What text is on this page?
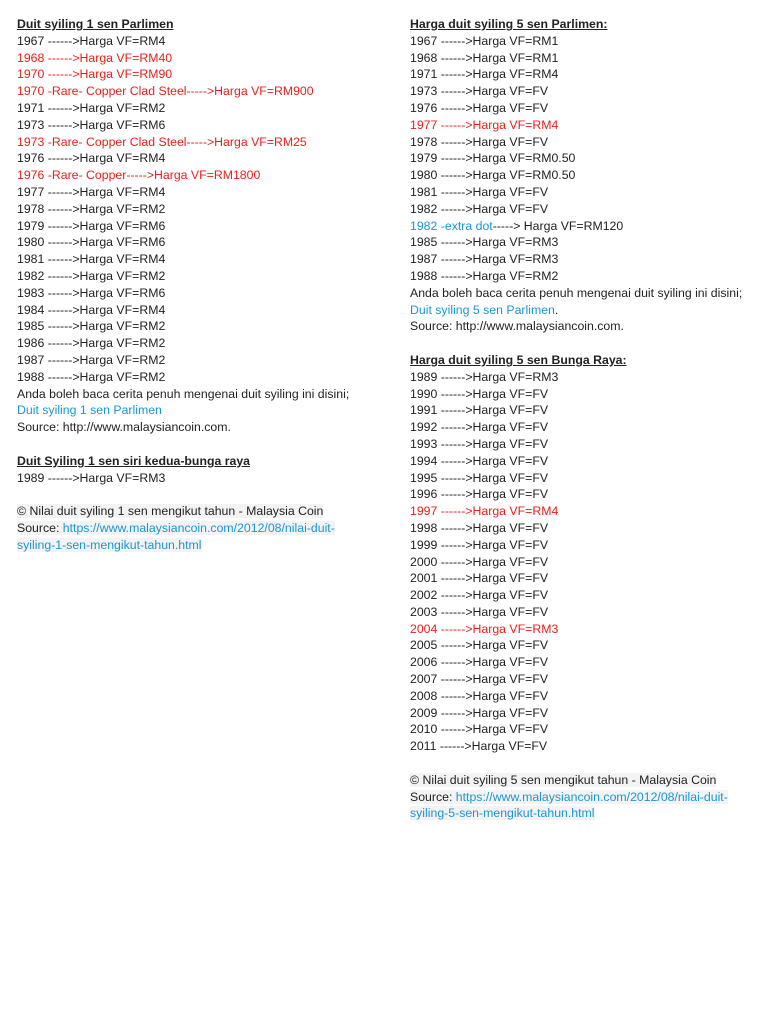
Duit syiling 1 sen Parlimen
1967 ------>Harga VF=RM4
1968 ------>Harga VF=RM40
1970 ------>Harga VF=RM90
1970 -Rare- Copper Clad Steel----->Harga VF=RM900
1971 ------>Harga VF=RM2
1973 ------>Harga VF=RM6
1973 -Rare- Copper Clad Steel----->Harga VF=RM25
1976 ------>Harga VF=RM4
1976 -Rare- Copper----->Harga VF=RM1800
1977 ------>Harga VF=RM4
1978 ------>Harga VF=RM2
1979 ------>Harga VF=RM6
1980 ------>Harga VF=RM6
1981 ------>Harga VF=RM4
1982 ------>Harga VF=RM2
1983 ------>Harga VF=RM6
1984 ------>Harga VF=RM4
1985 ------>Harga VF=RM2
1986 ------>Harga VF=RM2
1987 ------>Harga VF=RM2
1988 ------>Harga VF=RM2
Anda boleh baca cerita penuh mengenai duit syiling ini disini; Duit syiling 1 sen Parlimen
Source: http://www.malaysiancoin.com.
Duit Syiling 1 sen siri kedua-bunga raya
1989 ------>Harga VF=RM3
© Nilai duit syiling 1 sen mengikut tahun - Malaysia Coin
Source: https://www.malaysiancoin.com/2012/08/nilai-duit-syiling-1-sen-mengikut-tahun.html
Harga duit syiling 5 sen Parlimen:
1967 ------>Harga VF=RM1
1968 ------>Harga VF=RM1
1971 ------>Harga VF=RM4
1973 ------>Harga VF=FV
1976 ------>Harga VF=FV
1977 ------>Harga VF=RM4
1978 ------>Harga VF=FV
1979 ------>Harga VF=RM0.50
1980 ------>Harga VF=RM0.50
1981 ------>Harga VF=FV
1982 ------>Harga VF=FV
1982 -extra dot-----> Harga VF=RM120
1985 ------>Harga VF=RM3
1987 ------>Harga VF=RM3
1988 ------>Harga VF=RM2
Anda boleh baca cerita penuh mengenai duit syiling ini disini; Duit syiling 5 sen Parlimen.
Source: http://www.malaysiancoin.com.
Harga duit syiling 5 sen Bunga Raya:
1989 ------>Harga VF=RM3
1990 ------>Harga VF=FV
1991 ------>Harga VF=FV
1992 ------>Harga VF=FV
1993 ------>Harga VF=FV
1994 ------>Harga VF=FV
1995 ------>Harga VF=FV
1996 ------>Harga VF=FV
1997 ------>Harga VF=RM4
1998 ------>Harga VF=FV
1999 ------>Harga VF=FV
2000 ------>Harga VF=FV
2001 ------>Harga VF=FV
2002 ------>Harga VF=FV
2003 ------>Harga VF=FV
2004 ------>Harga VF=RM3
2005 ------>Harga VF=FV
2006 ------>Harga VF=FV
2007 ------>Harga VF=FV
2008 ------>Harga VF=FV
2009 ------>Harga VF=FV
2010 ------>Harga VF=FV
2011 ------>Harga VF=FV
© Nilai duit syiling 5 sen mengikut tahun - Malaysia Coin
Source: https://www.malaysiancoin.com/2012/08/nilai-duit-syiling-5-sen-mengikut-tahun.html
